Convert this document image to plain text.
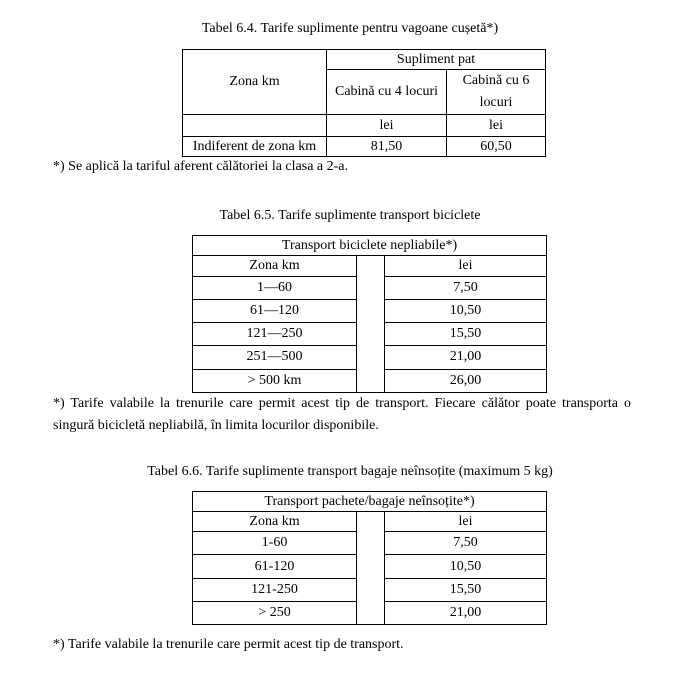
Tabel 6.4. Tarife suplimente pentru vagoane cușetă*)
Zona km	Supliment pat	
	Cabină cu 4 locuri	Cabină cu 6 locuri
	lei	lei
Indiferent de zona km	81,50	60,50
*) Se aplică la tariful aferent călătoriei la clasa a 2-a.
Tabel 6.5. Tarife suplimente transport biciclete
Transport biciclete nepliabile*)		
Zona km		lei
1—60		7,50
61—120		10,50
121—250		15,50
251—500		21,00
> 500 km		26,00
*) Tarife valabile la trenurile care permit acest tip de transport. Fiecare călător poate transporta o singură bicicletă nepliabilă, în limita locurilor disponibile.
Tabel 6.6. Tarife suplimente transport bagaje neînsoțite (maximum 5 kg)
Transport pachete/bagaje neînsoțite*)		
Zona km		lei
1-60		7,50
61-120		10,50
121-250		15,50
> 250		21,00
*) Tarife valabile la trenurile care permit acest tip de transport.
